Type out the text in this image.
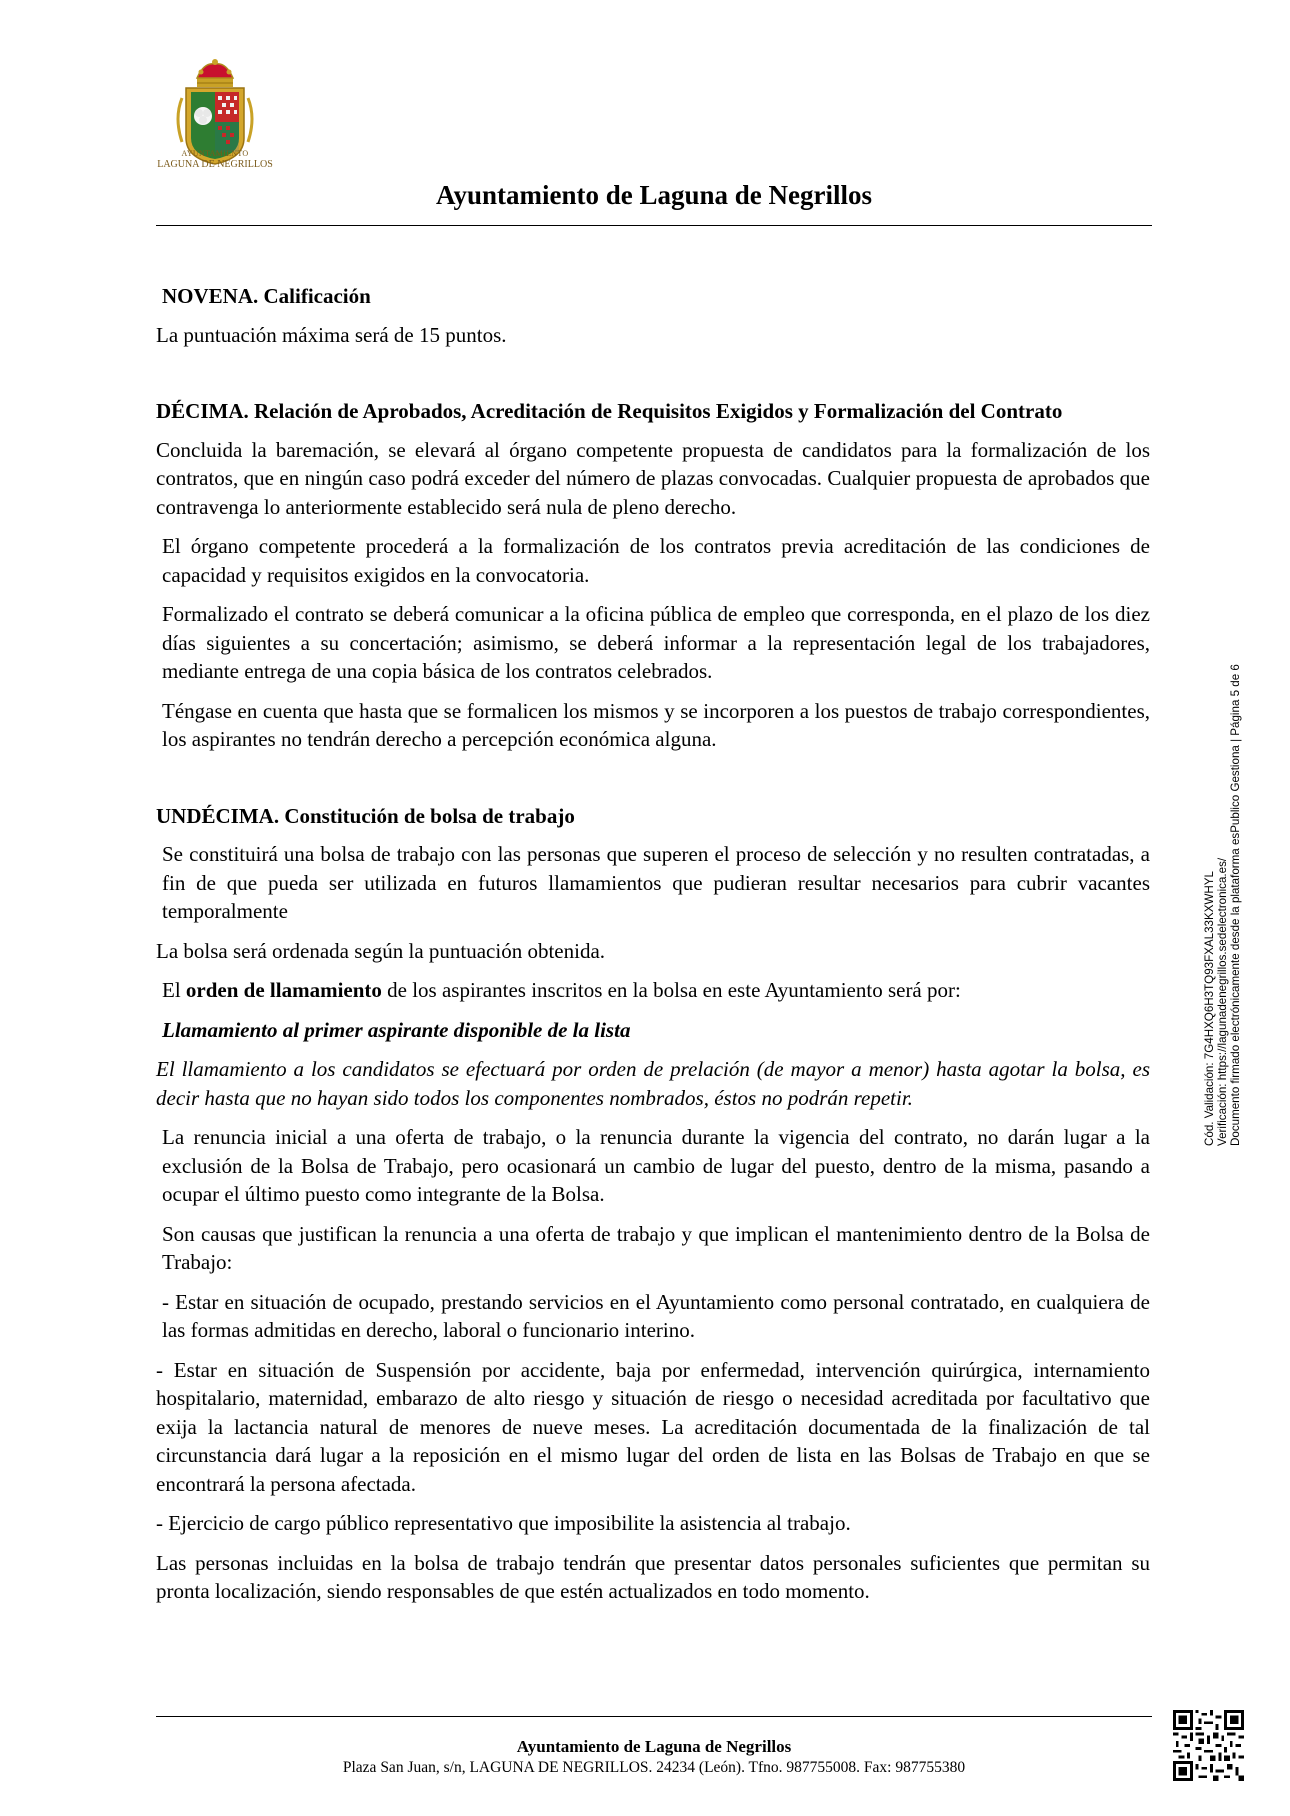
AYUNTAMIENTO
LAGUNA DE NEGRILLOS
Ayuntamiento de Laguna de Negrillos
NOVENA. Calificación

La puntuación máxima será de 15 puntos.

DÉCIMA. Relación de Aprobados, Acreditación de Requisitos Exigidos y Formalización del Contrato

Concluida la baremación, se elevará al órgano competente propuesta de candidatos para la formalización de los contratos, que en ningún caso podrá exceder del número de plazas convocadas. Cualquier propuesta de aprobados que contravenga lo anteriormente establecido será nula de pleno derecho.

El órgano competente procederá a la formalización de los contratos previa acreditación de las condiciones de capacidad y requisitos exigidos en la convocatoria.

Formalizado el contrato se deberá comunicar a la oficina pública de empleo que corresponda, en el plazo de los diez días siguientes a su concertación; asimismo, se deberá informar a la representación legal de los trabajadores, mediante entrega de una copia básica de los contratos celebrados.

Téngase en cuenta que hasta que se formalicen los mismos y se incorporen a los puestos de trabajo correspondientes, los aspirantes no tendrán derecho a percepción económica alguna.

UNDÉCIMA. Constitución de bolsa de trabajo

Se constituirá una bolsa de trabajo con las personas que superen el proceso de selección y no resulten contratadas, a fin de que pueda ser utilizada en futuros llamamientos que pudieran resultar necesarios para cubrir vacantes temporalmente

La bolsa será ordenada según la puntuación obtenida.

El orden de llamamiento de los aspirantes inscritos en la bolsa en este Ayuntamiento será por:

Llamamiento al primer aspirante disponible de la lista

El llamamiento a los candidatos se efectuará por orden de prelación (de mayor a menor) hasta agotar la bolsa, es decir hasta que no hayan sido todos los componentes nombrados, éstos no podrán repetir.

La renuncia inicial a una oferta de trabajo, o la renuncia durante la vigencia del contrato, no darán lugar a la exclusión de la Bolsa de Trabajo, pero ocasionará un cambio de lugar del puesto, dentro de la misma, pasando a ocupar el último puesto como integrante de la Bolsa.

Son causas que justifican la renuncia a una oferta de trabajo y que implican el mantenimiento dentro de la Bolsa de Trabajo:

- Estar en situación de ocupado, prestando servicios en el Ayuntamiento como personal contratado, en cualquiera de las formas admitidas en derecho, laboral o funcionario interino.

- Estar en situación de Suspensión por accidente, baja por enfermedad, intervención quirúrgica, internamiento hospitalario, maternidad, embarazo de alto riesgo y situación de riesgo o necesidad acreditada por facultativo que exija la lactancia natural de menores de nueve meses. La acreditación documentada de la finalización de tal circunstancia dará lugar a la reposición en el mismo lugar del orden de lista en las Bolsas de Trabajo en que se encontrará la persona afectada.

- Ejercicio de cargo público representativo que imposibilite la asistencia al trabajo.

Las personas incluidas en la bolsa de trabajo tendrán que presentar datos personales suficientes que permitan su pronta localización, siendo responsables de que estén actualizados en todo momento.

Ayuntamiento de Laguna de Negrillos
Plaza San Juan, s/n, LAGUNA DE NEGRILLOS. 24234 (León). Tfno. 987755008. Fax: 987755380
Cód. Validación: 7G4HXQ6H3TQ93FXAL33KXWHYL Verificación: https://lagunadenegrillos.sedelectronica.es/ Documento firmado electrónicamente desde la plataforma esPublico Gestiona | Página 5 de 6
